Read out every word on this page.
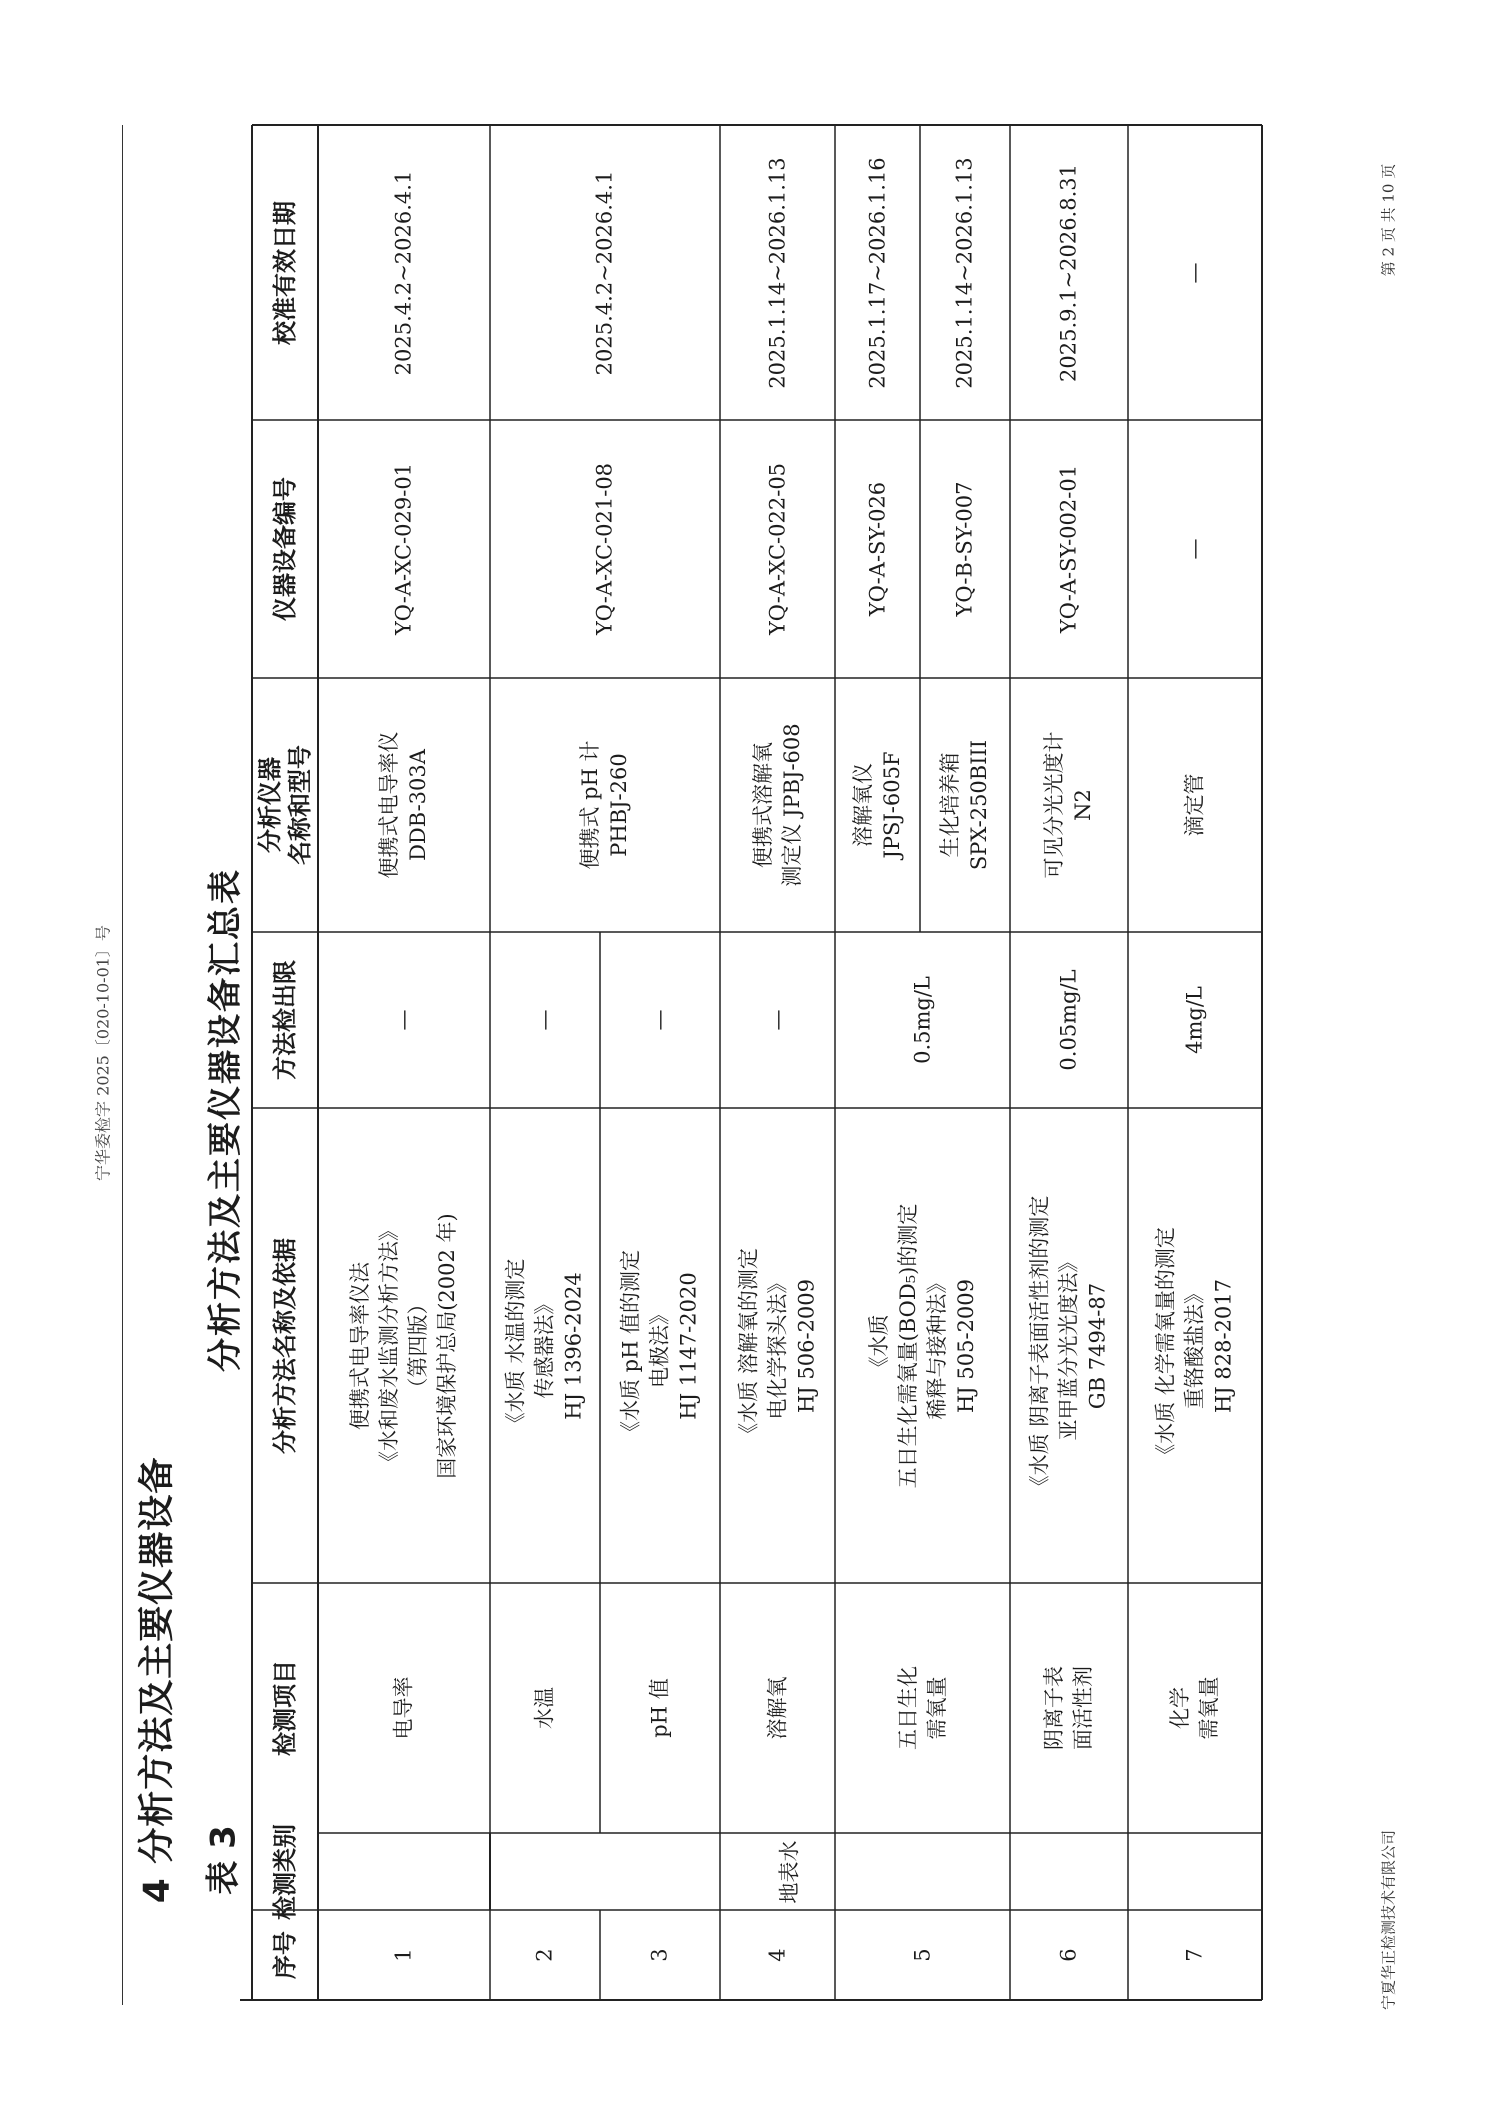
宁华委检字 2025〔020-10-01〕号
4 分析方法及主要仪器设备 表 3
分析方法及主要仪器设备汇总表
序号
检测类别
检测项目
分析方法名称及依据
方法检出限
分析仪器 名称和型号
仪器设备编号
校准有效日期
地表水
1
电导率
便携式电导率仪法 《水和废水监测分析方法》 （第四版） 国家环境保护总局(2002 年)
—
便携式电导率仪 DDB-303A
YQ-A-XC-029-01
2025.4.2~2026.4.1
2
水温
《水质 水温的测定 传感器法》 HJ 1396-2024
—
便携式 pH 计 PHBJ-260
YQ-A-XC-021-08
2025.4.2~2026.4.1
3
pH 值
《水质 pH 值的测定 电极法》 HJ 1147-2020
—
4
溶解氧
《水质 溶解氧的测定 电化学探头法》 HJ 506-2009
—
便携式溶解氧 测定仪 JPBJ-608
YQ-A-XC-022-05
2025.1.14~2026.1.13
5
五日生化 需氧量
《水质 五日生化需氧量(BOD₅)的测定 稀释与接种法》 HJ 505-2009
0.5mg/L
溶解氧仪 JPSJ-605F
YQ-A-SY-026
2025.1.17~2026.1.16
生化培养箱 SPX-250BIII
YQ-B-SY-007
2025.1.14~2026.1.13
6
阴离子表 面活性剂
《水质 阴离子表面活性剂的测定 亚甲蓝分光光度法》 GB 7494-87
0.05mg/L
可见分光光度计 N2
YQ-A-SY-002-01
2025.9.1~2026.8.31
7
化学 需氧量
《水质 化学需氧量的测定 重铬酸盐法》 HJ 828-2017
4mg/L
滴定管
—
—
宁夏华正检测技术有限公司
第 2 页 共 10 页
